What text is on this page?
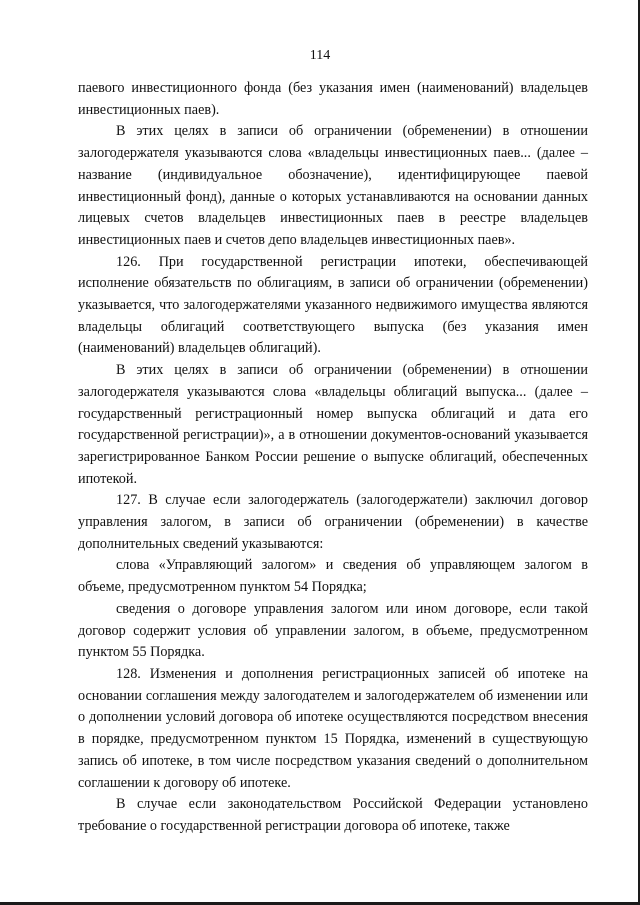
114

паевого инвестиционного фонда (без указания имен (наименований) владельцев инвестиционных паев).

В этих целях в записи об ограничении (обременении) в отношении залогодержателя указываются слова «владельцы инвестиционных паев... (далее – название (индивидуальное обозначение), идентифицирующее паевой инвестиционный фонд), данные о которых устанавливаются на основании данных лицевых счетов владельцев инвестиционных паев в реестре владельцев инвестиционных паев и счетов депо владельцев инвестиционных паев».

126. При государственной регистрации ипотеки, обеспечивающей исполнение обязательств по облигациям, в записи об ограничении (обременении) указывается, что залогодержателями указанного недвижимого имущества являются владельцы облигаций соответствующего выпуска (без указания имен (наименований) владельцев облигаций).

В этих целях в записи об ограничении (обременении) в отношении залогодержателя указываются слова «владельцы облигаций выпуска... (далее – государственный регистрационный номер выпуска облигаций и дата его государственной регистрации)», а в отношении документов-оснований указывается зарегистрированное Банком России решение о выпуске облигаций, обеспеченных ипотекой.

127. В случае если залогодержатель (залогодержатели) заключил договор управления залогом, в записи об ограничении (обременении) в качестве дополнительных сведений указываются:

слова «Управляющий залогом» и сведения об управляющем залогом в объеме, предусмотренном пунктом 54 Порядка;

сведения о договоре управления залогом или ином договоре, если такой договор содержит условия об управлении залогом, в объеме, предусмотренном пунктом 55 Порядка.

128. Изменения и дополнения регистрационных записей об ипотеке на основании соглашения между залогодателем и залогодержателем об изменении или о дополнении условий договора об ипотеке осуществляются посредством внесения в порядке, предусмотренном пунктом 15 Порядка, изменений в существующую запись об ипотеке, в том числе посредством указания сведений о дополнительном соглашении к договору об ипотеке.

В случае если законодательством Российской Федерации установлено требование о государственной регистрации договора об ипотеке, также
